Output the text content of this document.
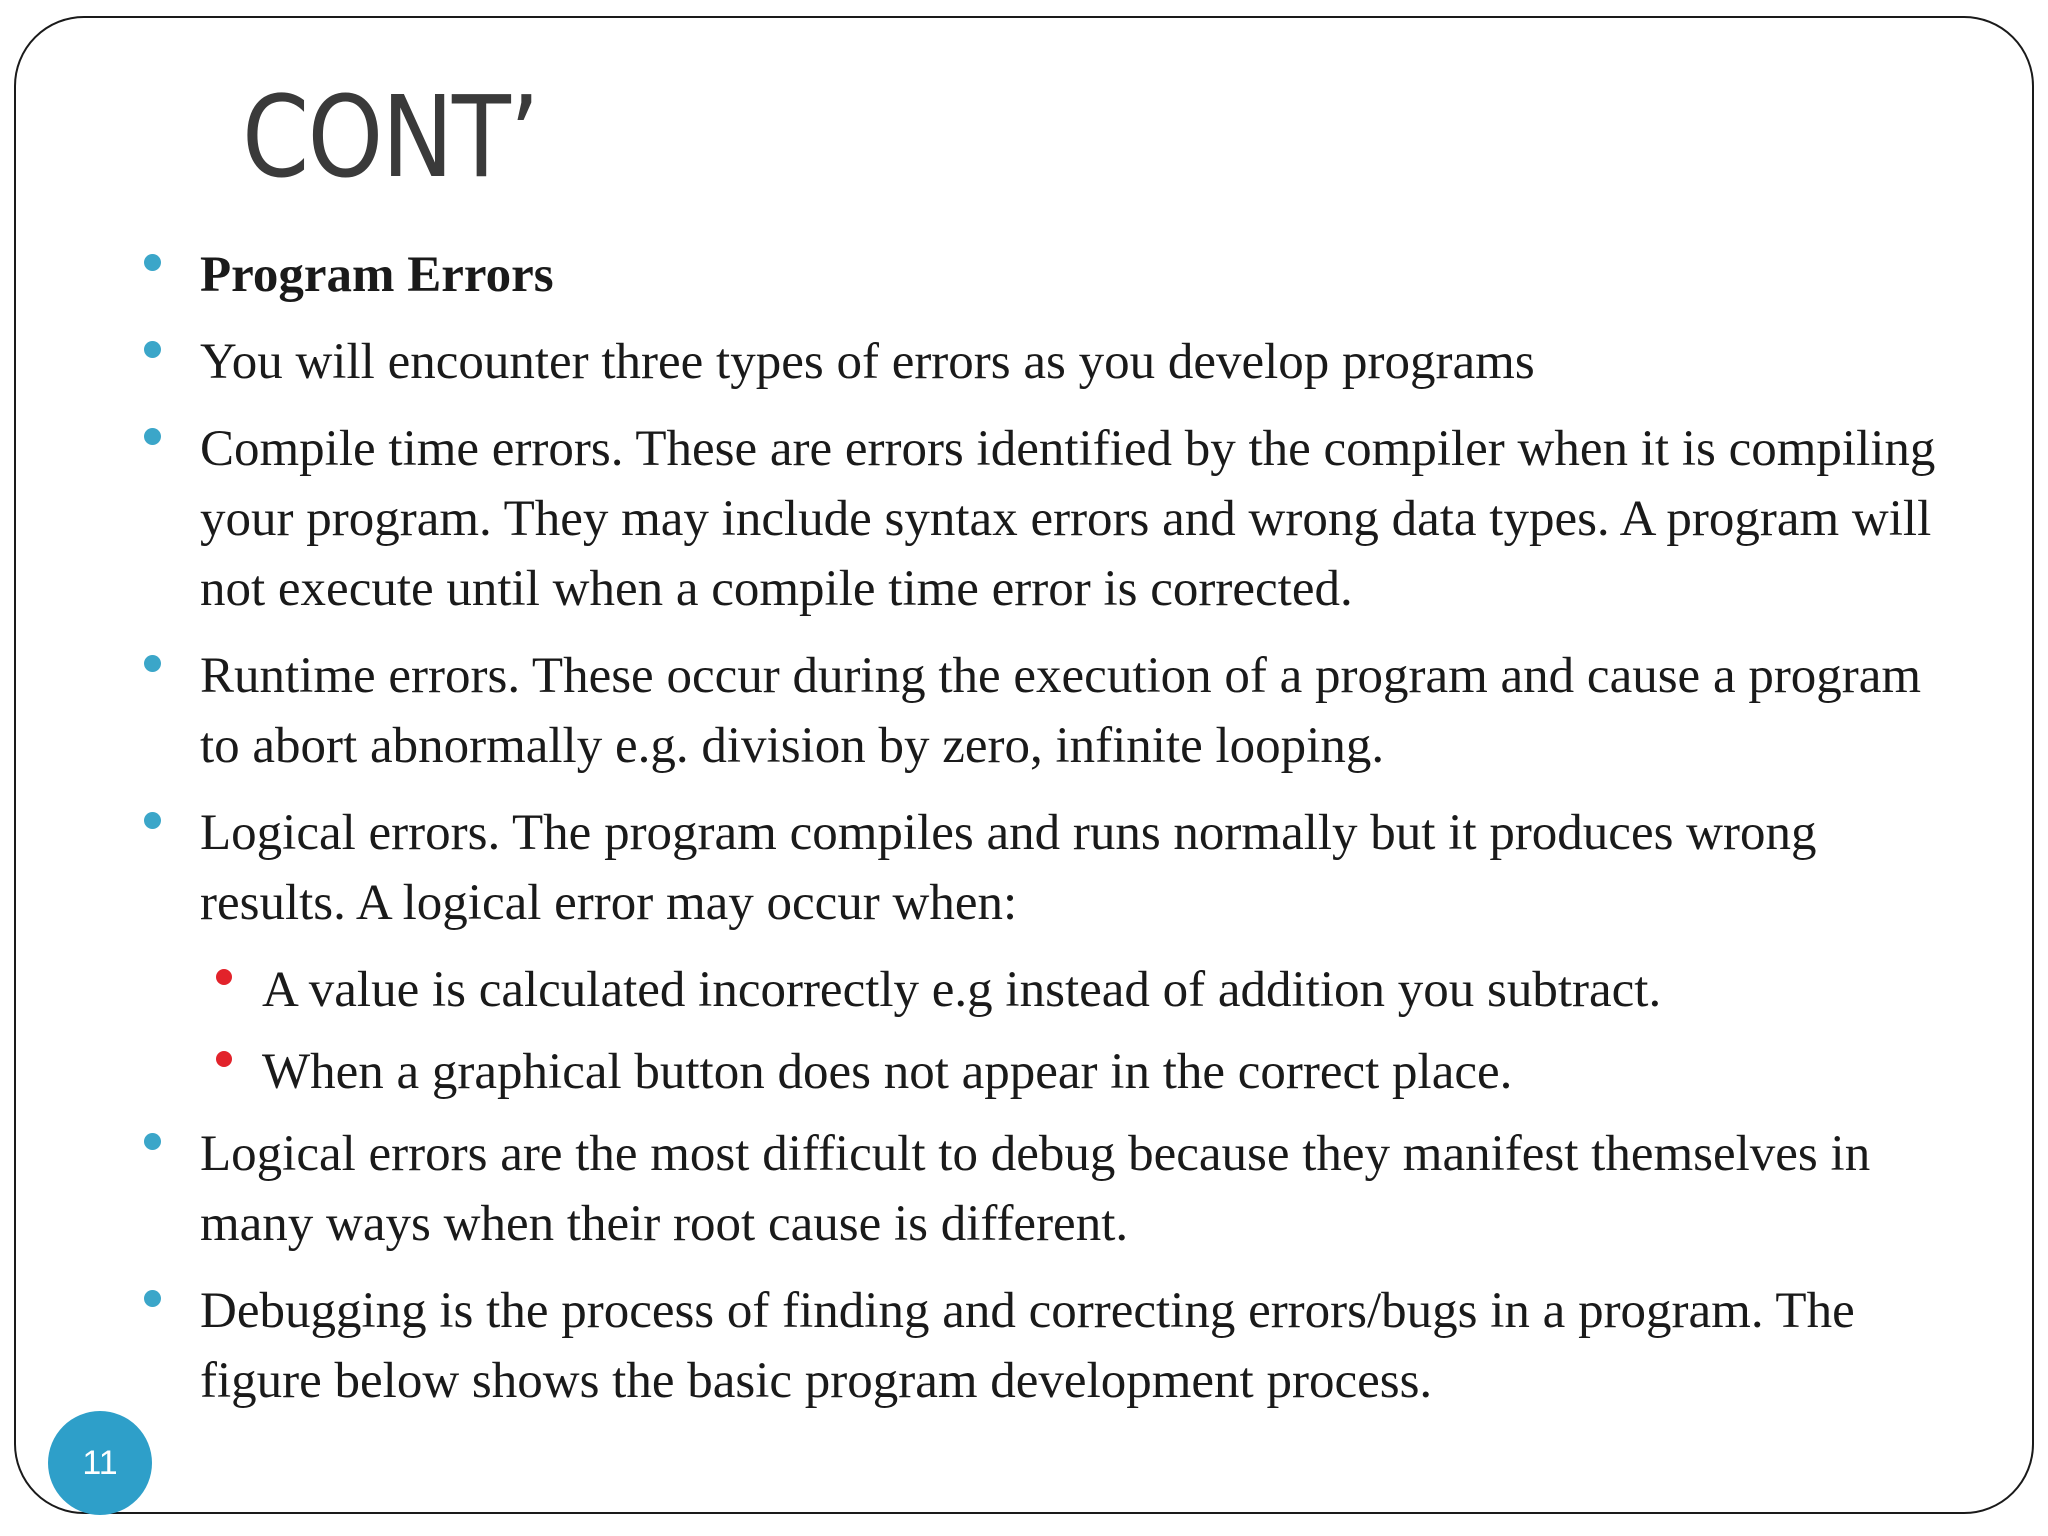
CONT’
Program Errors
You will encounter three types of errors as you develop programs
Compile time errors. These are errors identified by the compiler when it is compiling your program. They may include syntax errors and wrong data types. A program will not execute until when a compile time error is corrected.
Runtime errors. These occur during the execution of a program and cause a program to abort abnormally e.g. division by zero, infinite looping.
Logical errors. The program compiles and runs normally but it produces wrong results. A logical error may occur when:
A value is calculated incorrectly e.g instead of addition you subtract.
When a graphical button does not appear in the correct place.
Logical errors are the most difficult to debug because they manifest themselves in many ways when their root cause is different.
Debugging is the process of finding and correcting errors/bugs in a program. The figure below shows the basic program development process.
11
